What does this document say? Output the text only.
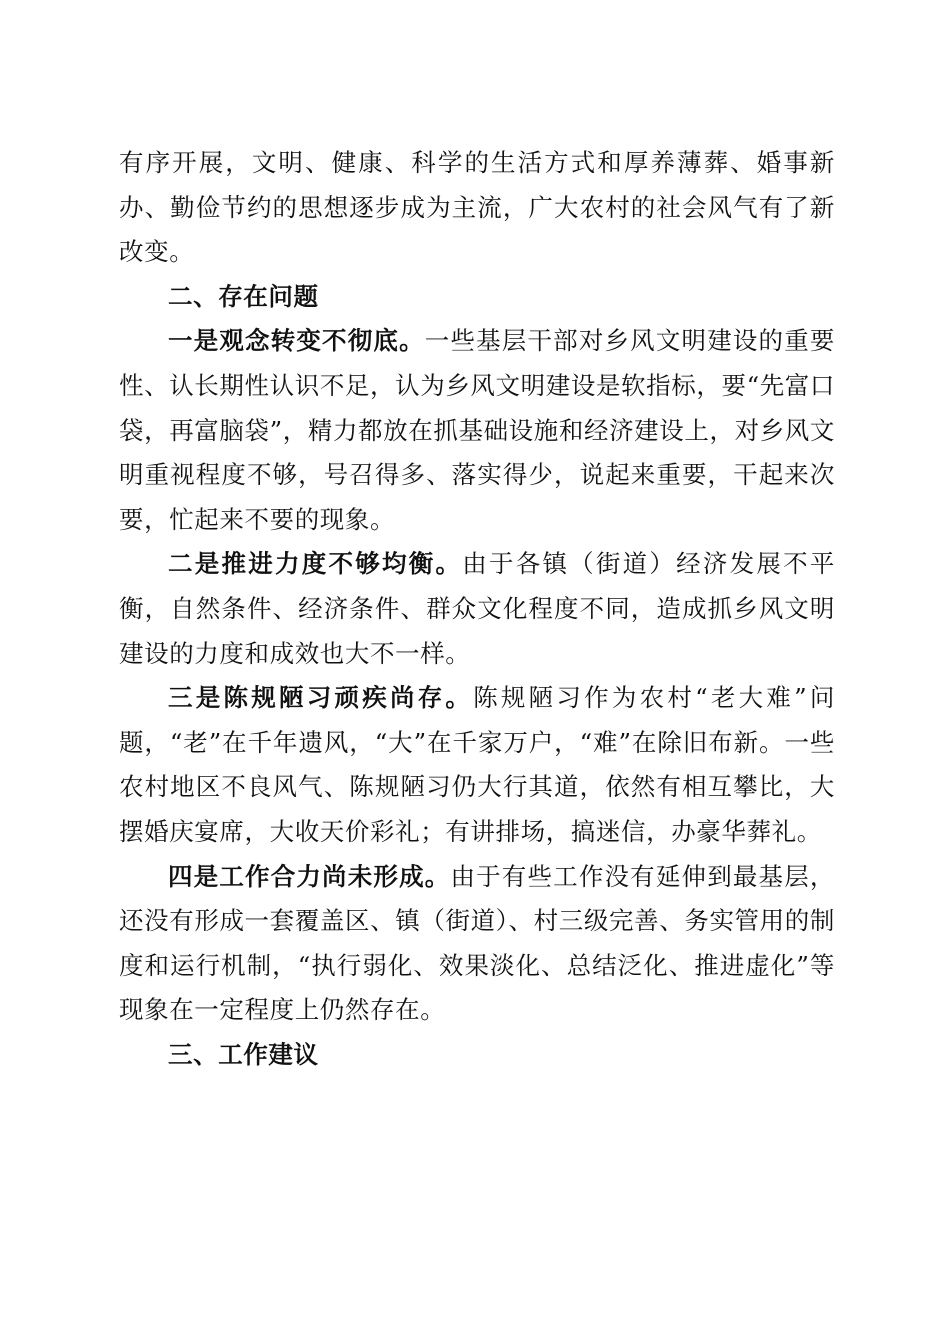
有序开展，文明、健康、科学的生活方式和厚养薄葬、婚事新办、勤俭节约的思想逐步成为主流，广大农村的社会风气有了新改变。

二、存在问题

一是观念转变不彻底。一些基层干部对乡风文明建设的重要性、认长期性认识不足，认为乡风文明建设是软指标，要“先富口袋，再富脑袋”，精力都放在抓基础设施和经济建设上，对乡风文明重视程度不够，号召得多、落实得少，说起来重要，干起来次要，忙起来不要的现象。

二是推进力度不够均衡。由于各镇（街道）经济发展不平衡，自然条件、经济条件、群众文化程度不同，造成抓乡风文明建设的力度和成效也大不一样。

三是陈规陋习顽疾尚存。陈规陋习作为农村“老大难”问题，“老”在千年遗风，“大”在千家万户，“难”在除旧布新。一些农村地区不良风气、陈规陋习仍大行其道，依然有相互攀比，大摆婚庆宴席，大收天价彩礼；有讲排场，搞迷信，办豪华葬礼。

四是工作合力尚未形成。由于有些工作没有延伸到最基层，还没有形成一套覆盖区、镇（街道）、村三级完善、务实管用的制度和运行机制，“执行弱化、效果淡化、总结泛化、推进虚化”等现象在一定程度上仍然存在。

三、工作建议
